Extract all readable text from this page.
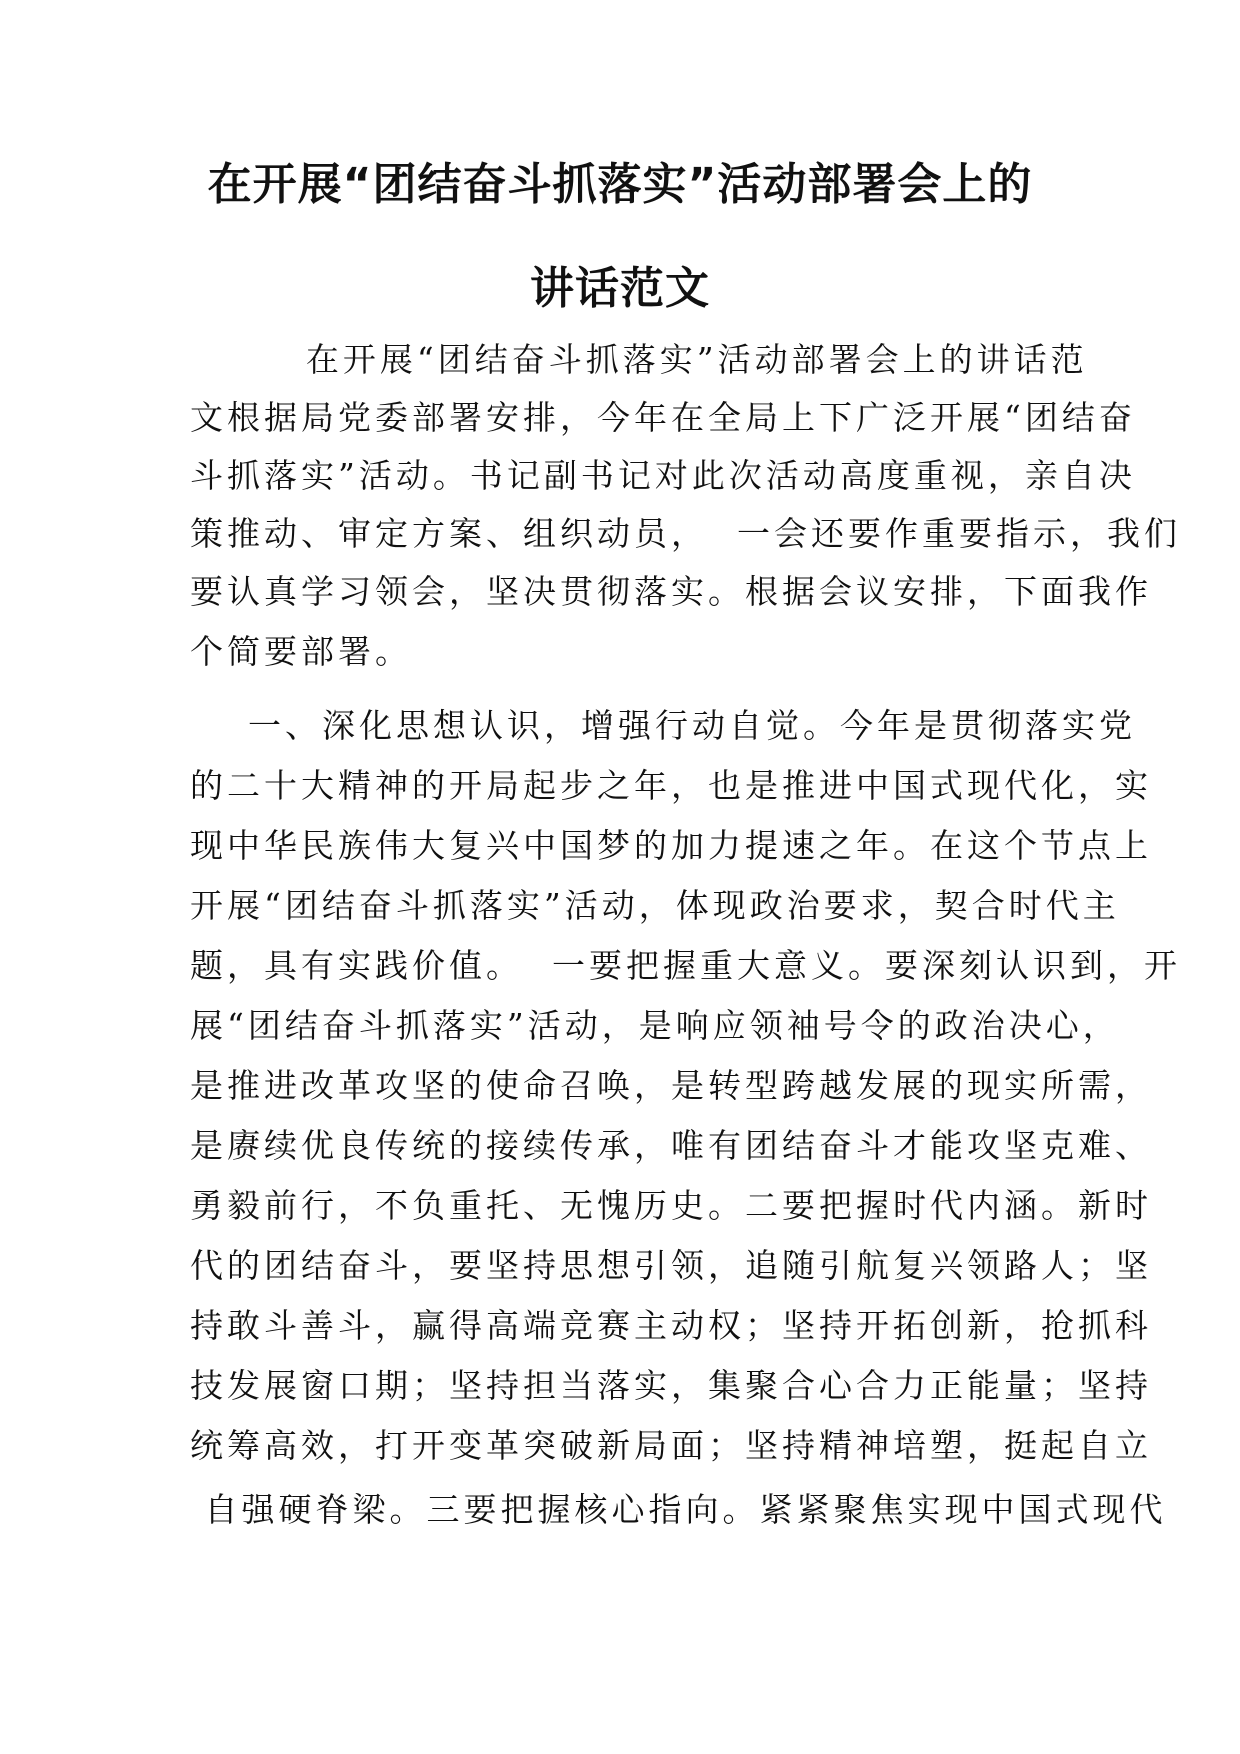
在开展“团结奋斗抓落实”活动部署会上的
讲话范文
在开展“团结奋斗抓落实”活动部署会上的讲话范
文根据局党委部署安排，今年在全局上下广泛开展“团结奋
斗抓落实”活动。书记副书记对此次活动高度重视，亲自决
策推动、审定方案、组织动员，  一会还要作重要指示，我们
要认真学习领会，坚决贯彻落实。根据会议安排，下面我作
个简要部署。
一、深化思想认识，增强行动自觉。今年是贯彻落实党
的二十大精神的开局起步之年，也是推进中国式现代化，实
现中华民族伟大复兴中国梦的加力提速之年。在这个节点上
开展“团结奋斗抓落实”活动，体现政治要求，契合时代主
题，具有实践价值。  一要把握重大意义。要深刻认识到，开
展“团结奋斗抓落实”活动，是响应领袖号令的政治决心，
是推进改革攻坚的使命召唤，是转型跨越发展的现实所需，
是赓续优良传统的接续传承，唯有团结奋斗才能攻坚克难、
勇毅前行，不负重托、无愧历史。二要把握时代内涵。新时
代的团结奋斗，要坚持思想引领，追随引航复兴领路人；坚
持敢斗善斗，赢得高端竞赛主动权；坚持开拓创新，抢抓科
技发展窗口期；坚持担当落实，集聚合心合力正能量；坚持
统筹高效，打开变革突破新局面；坚持精神培塑，挺起自立
自强硬脊梁。三要把握核心指向。紧紧聚焦实现中国式现代
